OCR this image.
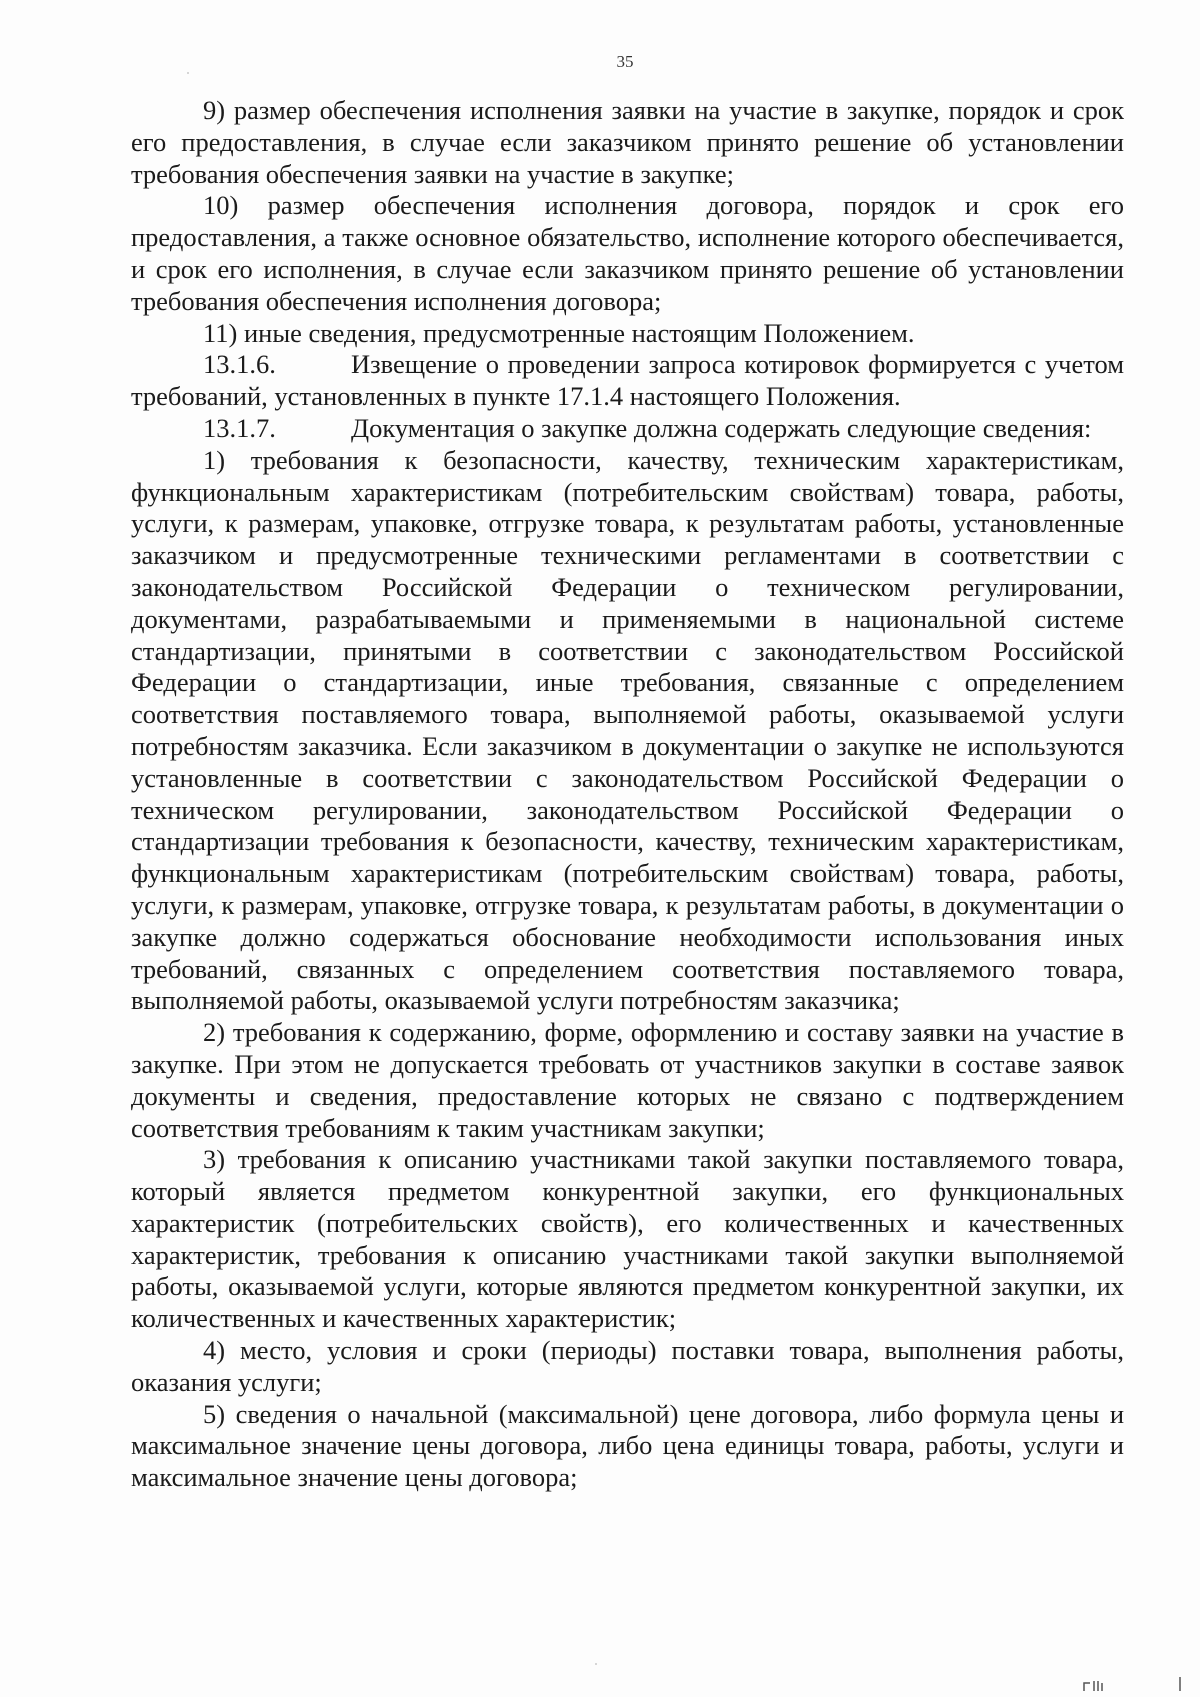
35

9) размер обеспечения исполнения заявки на участие в закупке, порядок и срок его предоставления, в случае если заказчиком принято решение об установлении требования обеспечения заявки на участие в закупке;

10) размер обеспечения исполнения договора, порядок и срок его предоставления, а также основное обязательство, исполнение которого обеспечивается, и срок его исполнения, в случае если заказчиком принято решение об установлении требования обеспечения исполнения договора;

11) иные сведения, предусмотренные настоящим Положением.

13.1.6.	Извещение о проведении запроса котировок формируется с учетом требований, установленных в пункте 17.1.4 настоящего Положения.

13.1.7.	Документация о закупке должна содержать следующие сведения:

1) требования к безопасности, качеству, техническим характеристикам, функциональным характеристикам (потребительским свойствам) товара, работы, услуги, к размерам, упаковке, отгрузке товара, к результатам работы, установленные заказчиком и предусмотренные техническими регламентами в соответствии с законодательством Российской Федерации о техническом регулировании, документами, разрабатываемыми и применяемыми в национальной системе стандартизации, принятыми в соответствии с законодательством Российской Федерации о стандартизации, иные требования, связанные с определением соответствия поставляемого товара, выполняемой работы, оказываемой услуги потребностям заказчика. Если заказчиком в документации о закупке не используются установленные в соответствии с законодательством Российской Федерации о техническом регулировании, законодательством Российской Федерации о стандартизации требования к безопасности, качеству, техническим характеристикам, функциональным характеристикам (потребительским свойствам) товара, работы, услуги, к размерам, упаковке, отгрузке товара, к результатам работы, в документации о закупке должно содержаться обоснование необходимости использования иных требований, связанных с определением соответствия поставляемого товара, выполняемой работы, оказываемой услуги потребностям заказчика;

2) требования к содержанию, форме, оформлению и составу заявки на участие в закупке. При этом не допускается требовать от участников закупки в составе заявок документы и сведения, предоставление которых не связано с подтверждением соответствия требованиям к таким участникам закупки;

3) требования к описанию участниками такой закупки поставляемого товара, который является предметом конкурентной закупки, его функциональных характеристик (потребительских свойств), его количественных и качественных характеристик, требования к описанию участниками такой закупки выполняемой работы, оказываемой услуги, которые являются предметом конкурентной закупки, их количественных и качественных характеристик;

4) место, условия и сроки (периоды) поставки товара, выполнения работы, оказания услуги;

5) сведения о начальной (максимальной) цене договора, либо формула цены и максимальное значение цены договора, либо цена единицы товара, работы, услуги и максимальное значение цены договора;
